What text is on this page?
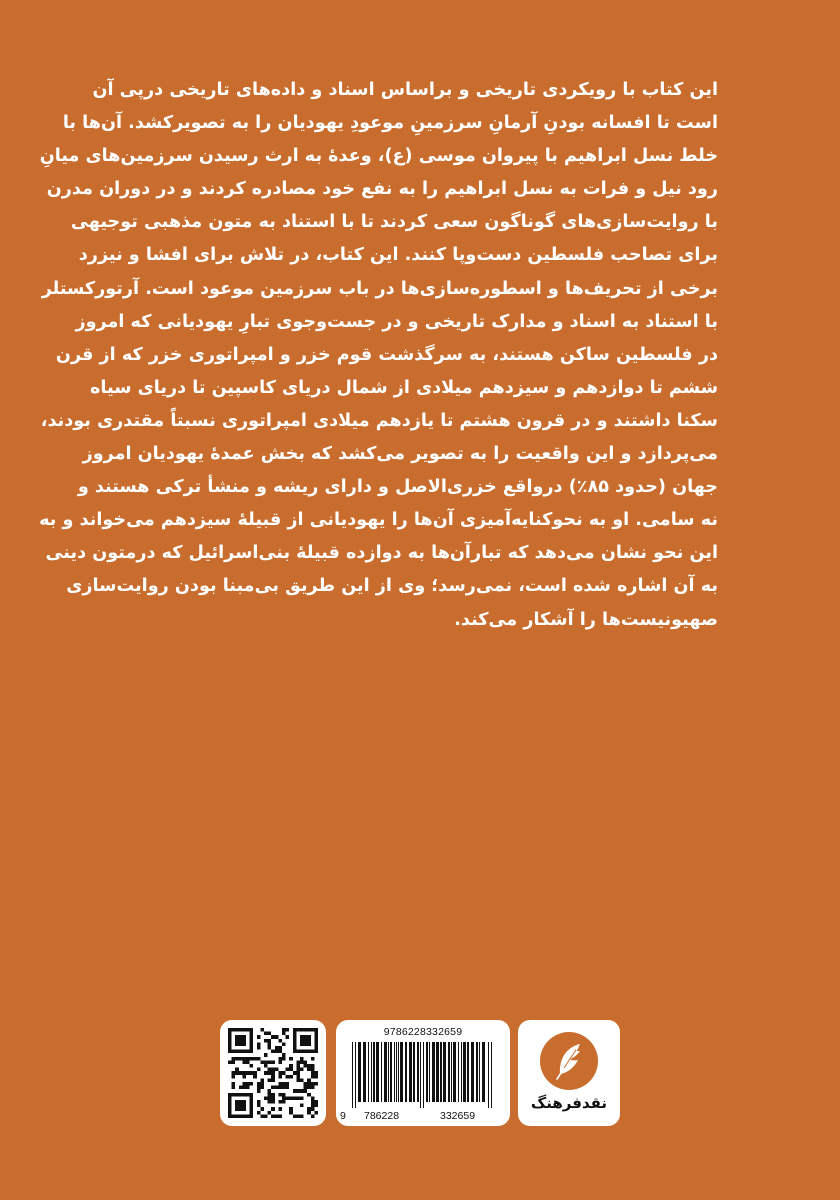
این کتاب با رویکردی تاریخی و براساس اسناد و داده‌های تاریخی درپی آن
است تا افسانه بودنِ آرمانِ سرزمینِ موعودِ یهودیان را به تصویرکشد. آن‌ها با
خلط نسل ابراهیم با پیروان موسی (ع)، وعدهٔ به ارث رسیدن سرزمین‌های میانِ
رود نیل و فرات به نسل ابراهیم را به نفع خود مصادره کردند و در دوران مدرن
با روایت‌سازی‌های گوناگون سعی کردند تا با استناد به متون مذهبی توجیهی
برای تصاحب فلسطین دست‌وپا کنند. این کتاب، در تلاش برای افشا و نیزرد
برخی از تحریف‌ها و اسطوره‌سازی‌ها در باب سرزمین موعود است. آرتورکستلر
با استناد به اسناد و مدارک تاریخی و در جست‌وجوی تبارِ یهودیانی که امروز
در فلسطین ساکن هستند، به سرگذشت قوم خزر و امپراتوری خزر که از قرن
ششم تا دوازدهم و سیزدهم میلادی از شمال دریای کاسپین تا دریای سیاه
سکنا داشتند و در قرون هشتم تا یازدهم میلادی امپراتوری نسبتاً مقتدری بودند،
می‌پردازد و این واقعیت را به تصویر می‌کشد که بخش عمدهٔ یهودیان امروز
جهان (حدود ۸۵٪) درواقع خزری‌الاصل و دارای ریشه و منشأ ترکی هستند و
نه سامی. او به نحوکنایه‌آمیزی آن‌ها را یهودیانی از قبیلهٔ سیزدهم می‌خواند و به
این نحو نشان می‌دهد که تبارآن‌ها به دوازده قبیلهٔ بنی‌اسرائیل که درمتون دینی
به آن اشاره شده است، نمی‌رسد؛ وی از این طریق بی‌مبنا بودن روایت‌سازی
صهیونیست‌ها را آشکار می‌کند.
9786228332659
9 786228	332659
نقدفرهنگ
